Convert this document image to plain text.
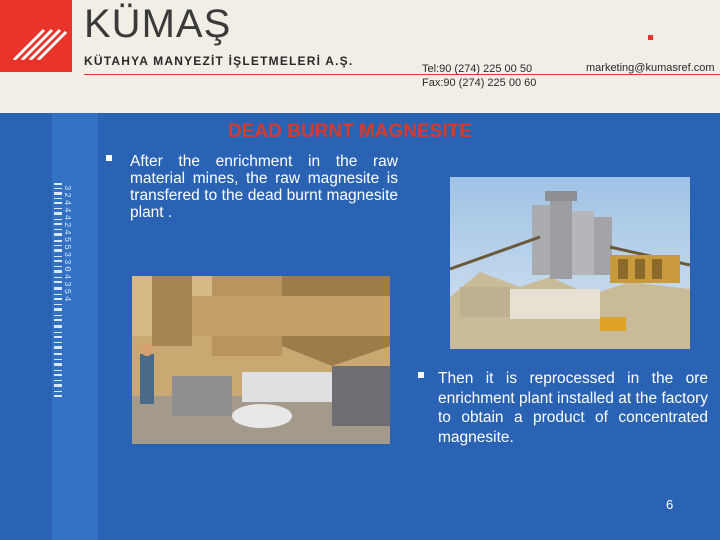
KÜMAŞ
KÜTAHYA MANYEZİT İŞLETMELERİ A.Ş.
Tel:90 (274) 225 00 50
Fax:90 (274) 225 00 60
marketing@kumasref.com
3244424553304354
DEAD BURNT MAGNESITE
After the enrichment in the raw material mines, the raw magnesite is transfered to the dead burnt magnesite plant .
Then it is reprocessed in the ore enrichment plant installed at the factory to obtain a product of concentrated magnesite.
6
